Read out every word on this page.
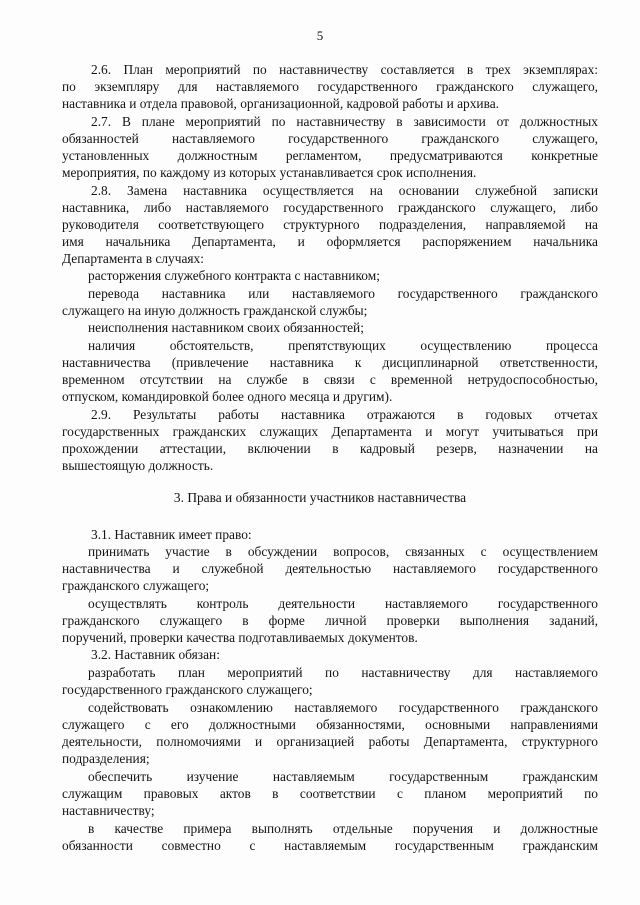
5
2.6. План мероприятий по наставничеству составляется в трех экземплярах:
по экземпляру для наставляемого государственного гражданского служащего,
наставника и отдела правовой, организационной, кадровой работы и архива.
2.7. В плане мероприятий по наставничеству в зависимости от должностных
обязанностей наставляемого государственного гражданского служащего,
установленных должностным регламентом, предусматриваются конкретные
мероприятия, по каждому из которых устанавливается срок исполнения.
2.8. Замена наставника осуществляется на основании служебной записки
наставника, либо наставляемого государственного гражданского служащего, либо
руководителя соответствующего структурного подразделения, направляемой на
имя начальника Департамента, и оформляется распоряжением начальника
Департамента в случаях:
расторжения служебного контракта с наставником;
перевода наставника или наставляемого государственного гражданского
служащего на иную должность гражданской службы;
неисполнения наставником своих обязанностей;
наличия обстоятельств, препятствующих осуществлению процесса
наставничества (привлечение наставника к дисциплинарной ответственности,
временном отсутствии на службе в связи с временной нетрудоспособностью,
отпуском, командировкой более одного месяца и другим).
2.9. Результаты работы наставника отражаются в годовых отчетах
государственных гражданских служащих Департамента и могут учитываться при
прохождении аттестации, включении в кадровый резерв, назначении на
вышестоящую должность.
3. Права и обязанности участников наставничества
3.1. Наставник имеет право:
принимать участие в обсуждении вопросов, связанных с осуществлением
наставничества и служебной деятельностью наставляемого государственного
гражданского служащего;
осуществлять контроль деятельности наставляемого государственного
гражданского служащего в форме личной проверки выполнения заданий,
поручений, проверки качества подготавливаемых документов.
3.2. Наставник обязан:
разработать план мероприятий по наставничеству для наставляемого
государственного гражданского служащего;
содействовать ознакомлению наставляемого государственного гражданского
служащего с его должностными обязанностями, основными направлениями
деятельности, полномочиями и организацией работы Департамента, структурного
подразделения;
обеспечить изучение наставляемым государственным гражданским
служащим правовых актов в соответствии с планом мероприятий по
наставничеству;
в качестве примера выполнять отдельные поручения и должностные
обязанности совместно с наставляемым государственным гражданским
